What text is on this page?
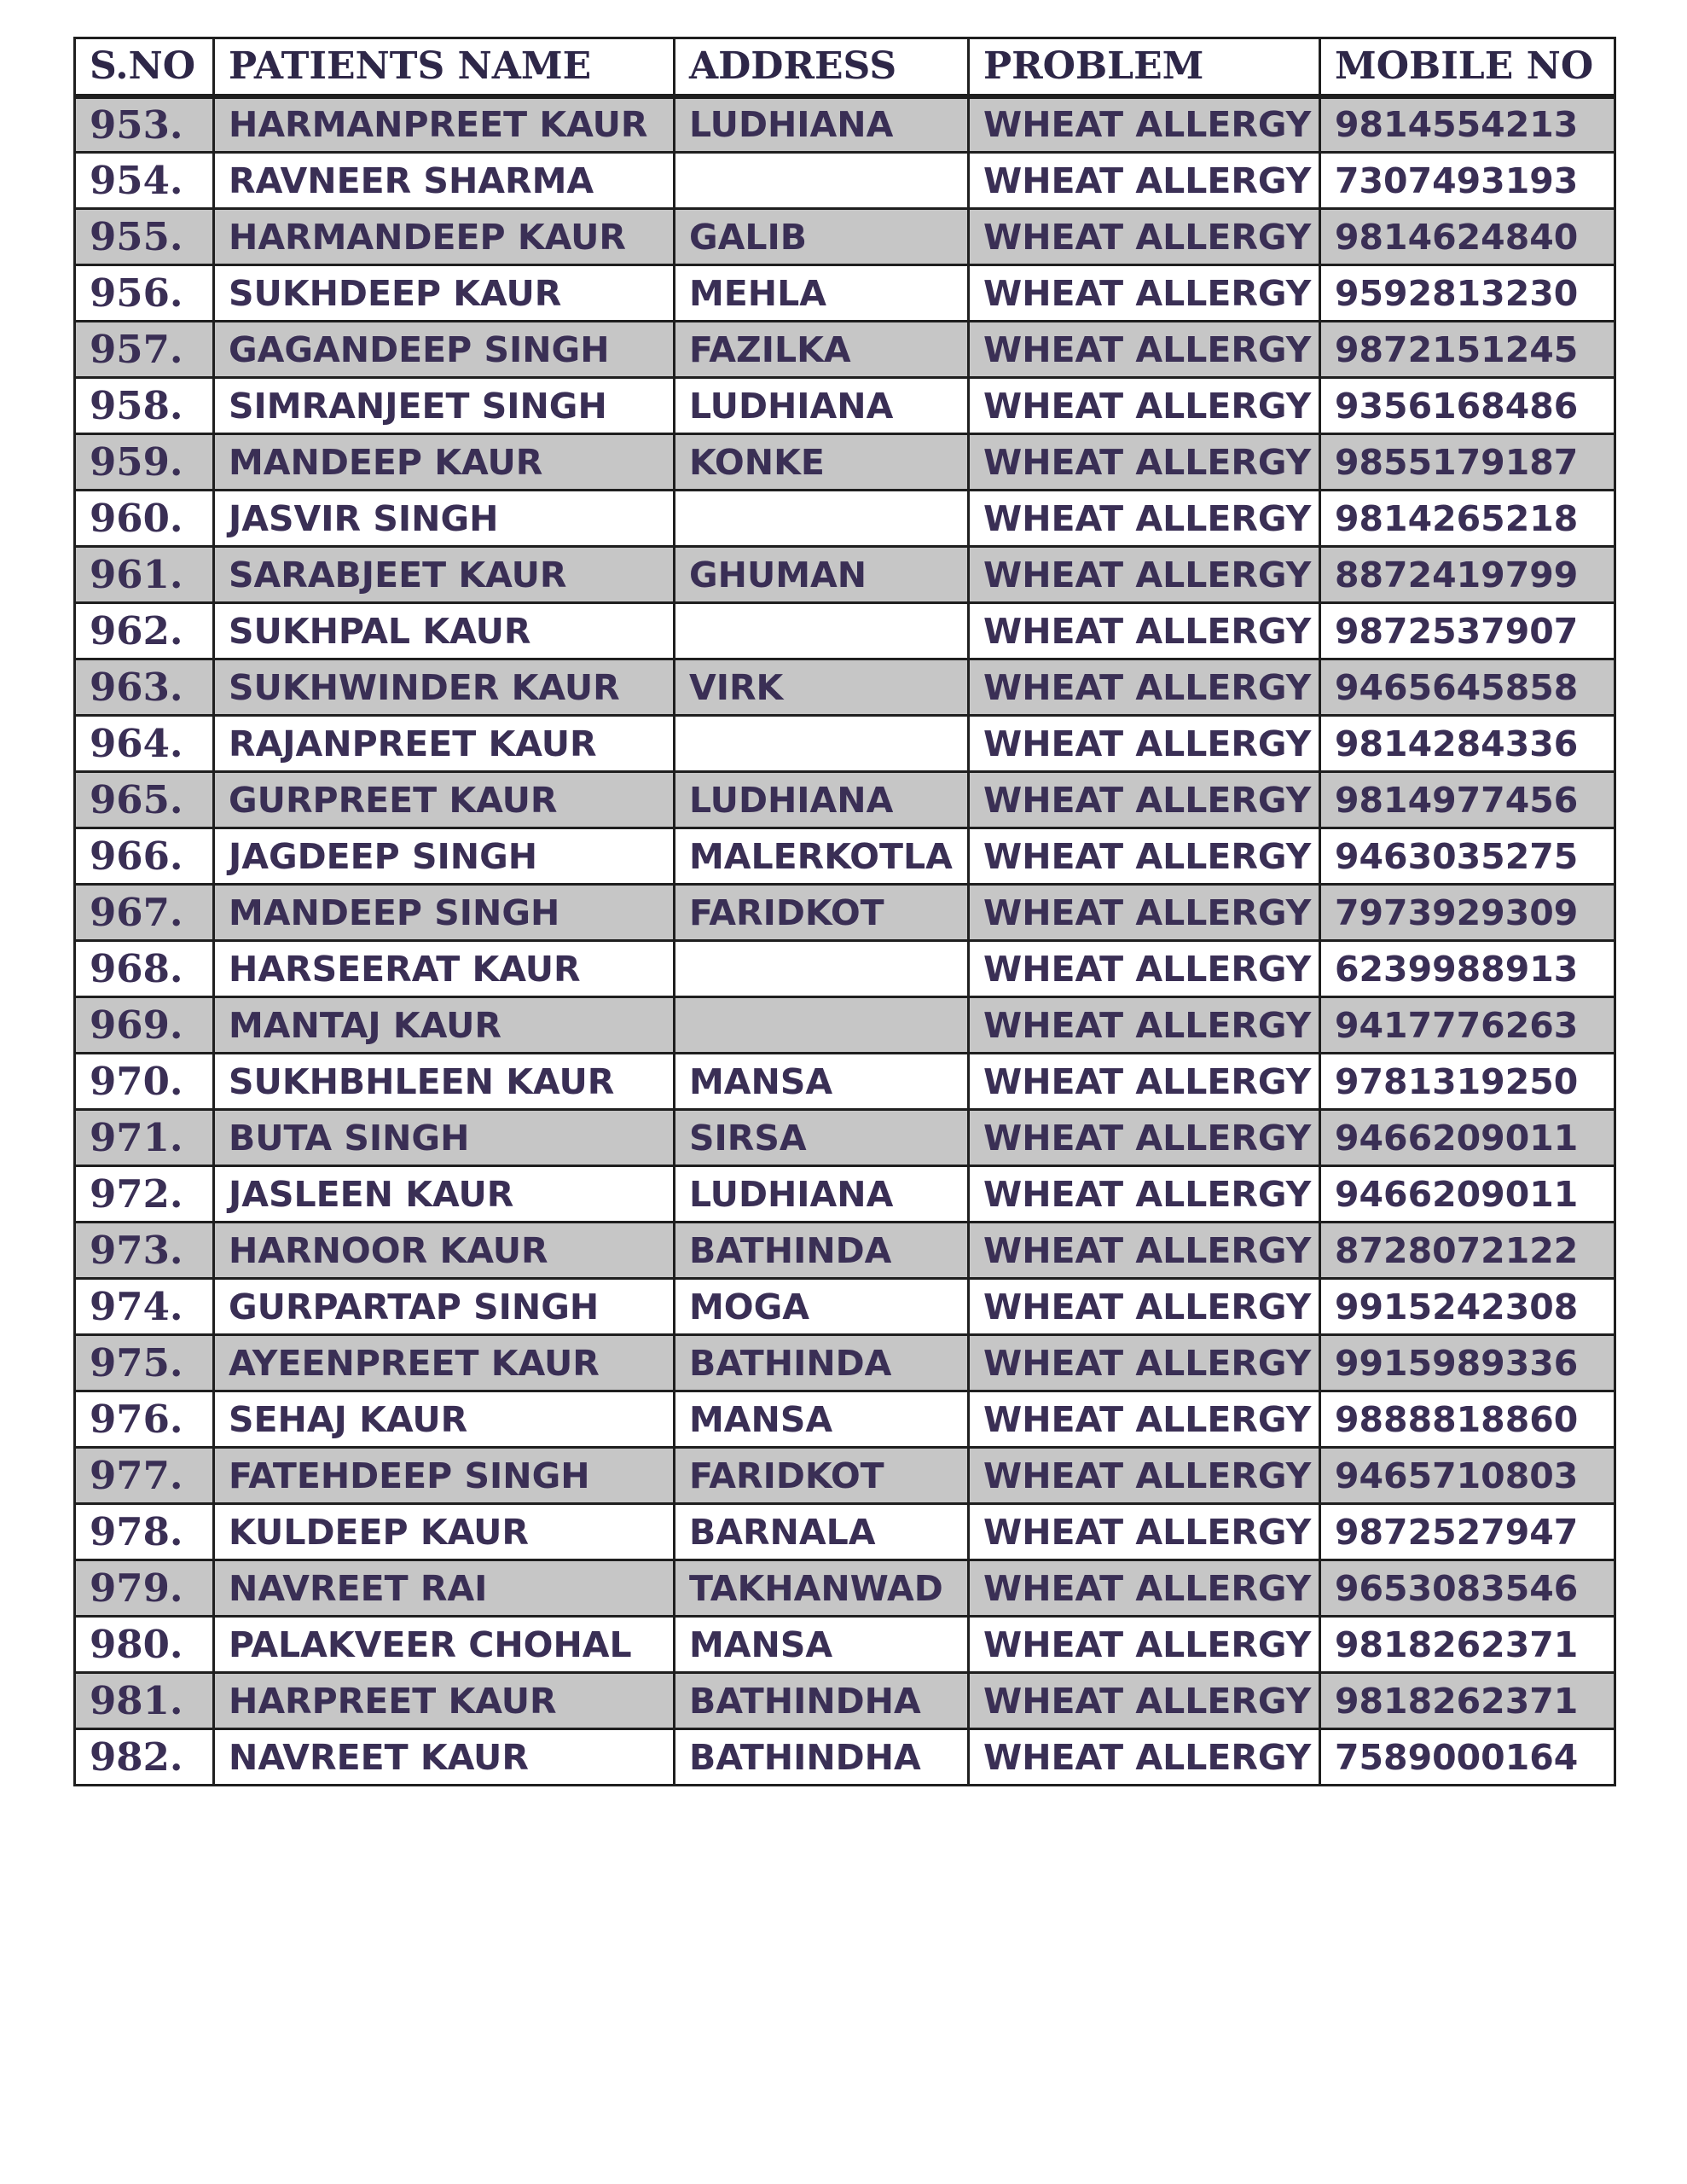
S.NO	PATIENTS NAME	ADDRESS	PROBLEM	MOBILE NO
953.	HARMANPREET KAUR	LUDHIANA	WHEAT ALLERGY	9814554213
954.	RAVNEER SHARMA		WHEAT ALLERGY	7307493193
955.	HARMANDEEP KAUR	GALIB	WHEAT ALLERGY	9814624840
956.	SUKHDEEP KAUR	MEHLA	WHEAT ALLERGY	9592813230
957.	GAGANDEEP SINGH	FAZILKA	WHEAT ALLERGY	9872151245
958.	SIMRANJEET SINGH	LUDHIANA	WHEAT ALLERGY	9356168486
959.	MANDEEP KAUR	KONKE	WHEAT ALLERGY	9855179187
960.	JASVIR SINGH		WHEAT ALLERGY	9814265218
961.	SARABJEET KAUR	GHUMAN	WHEAT ALLERGY	8872419799
962.	SUKHPAL KAUR		WHEAT ALLERGY	9872537907
963.	SUKHWINDER KAUR	VIRK	WHEAT ALLERGY	9465645858
964.	RAJANPREET KAUR		WHEAT ALLERGY	9814284336
965.	GURPREET KAUR	LUDHIANA	WHEAT ALLERGY	9814977456
966.	JAGDEEP SINGH	MALERKOTLA	WHEAT ALLERGY	9463035275
967.	MANDEEP SINGH	FARIDKOT	WHEAT ALLERGY	7973929309
968.	HARSEERAT KAUR		WHEAT ALLERGY	6239988913
969.	MANTAJ KAUR		WHEAT ALLERGY	9417776263
970.	SUKHBHLEEN KAUR	MANSA	WHEAT ALLERGY	9781319250
971.	BUTA SINGH	SIRSA	WHEAT ALLERGY	9466209011
972.	JASLEEN KAUR	LUDHIANA	WHEAT ALLERGY	9466209011
973.	HARNOOR KAUR	BATHINDA	WHEAT ALLERGY	8728072122
974.	GURPARTAP SINGH	MOGA	WHEAT ALLERGY	9915242308
975.	AYEENPREET KAUR	BATHINDA	WHEAT ALLERGY	9915989336
976.	SEHAJ KAUR	MANSA	WHEAT ALLERGY	9888818860
977.	FATEHDEEP SINGH	FARIDKOT	WHEAT ALLERGY	9465710803
978.	KULDEEP KAUR	BARNALA	WHEAT ALLERGY	9872527947
979.	NAVREET RAI	TAKHANWAD	WHEAT ALLERGY	9653083546
980.	PALAKVEER CHOHAL	MANSA	WHEAT ALLERGY	9818262371
981.	HARPREET KAUR	BATHINDHA	WHEAT ALLERGY	9818262371
982.	NAVREET KAUR	BATHINDHA	WHEAT ALLERGY	7589000164
